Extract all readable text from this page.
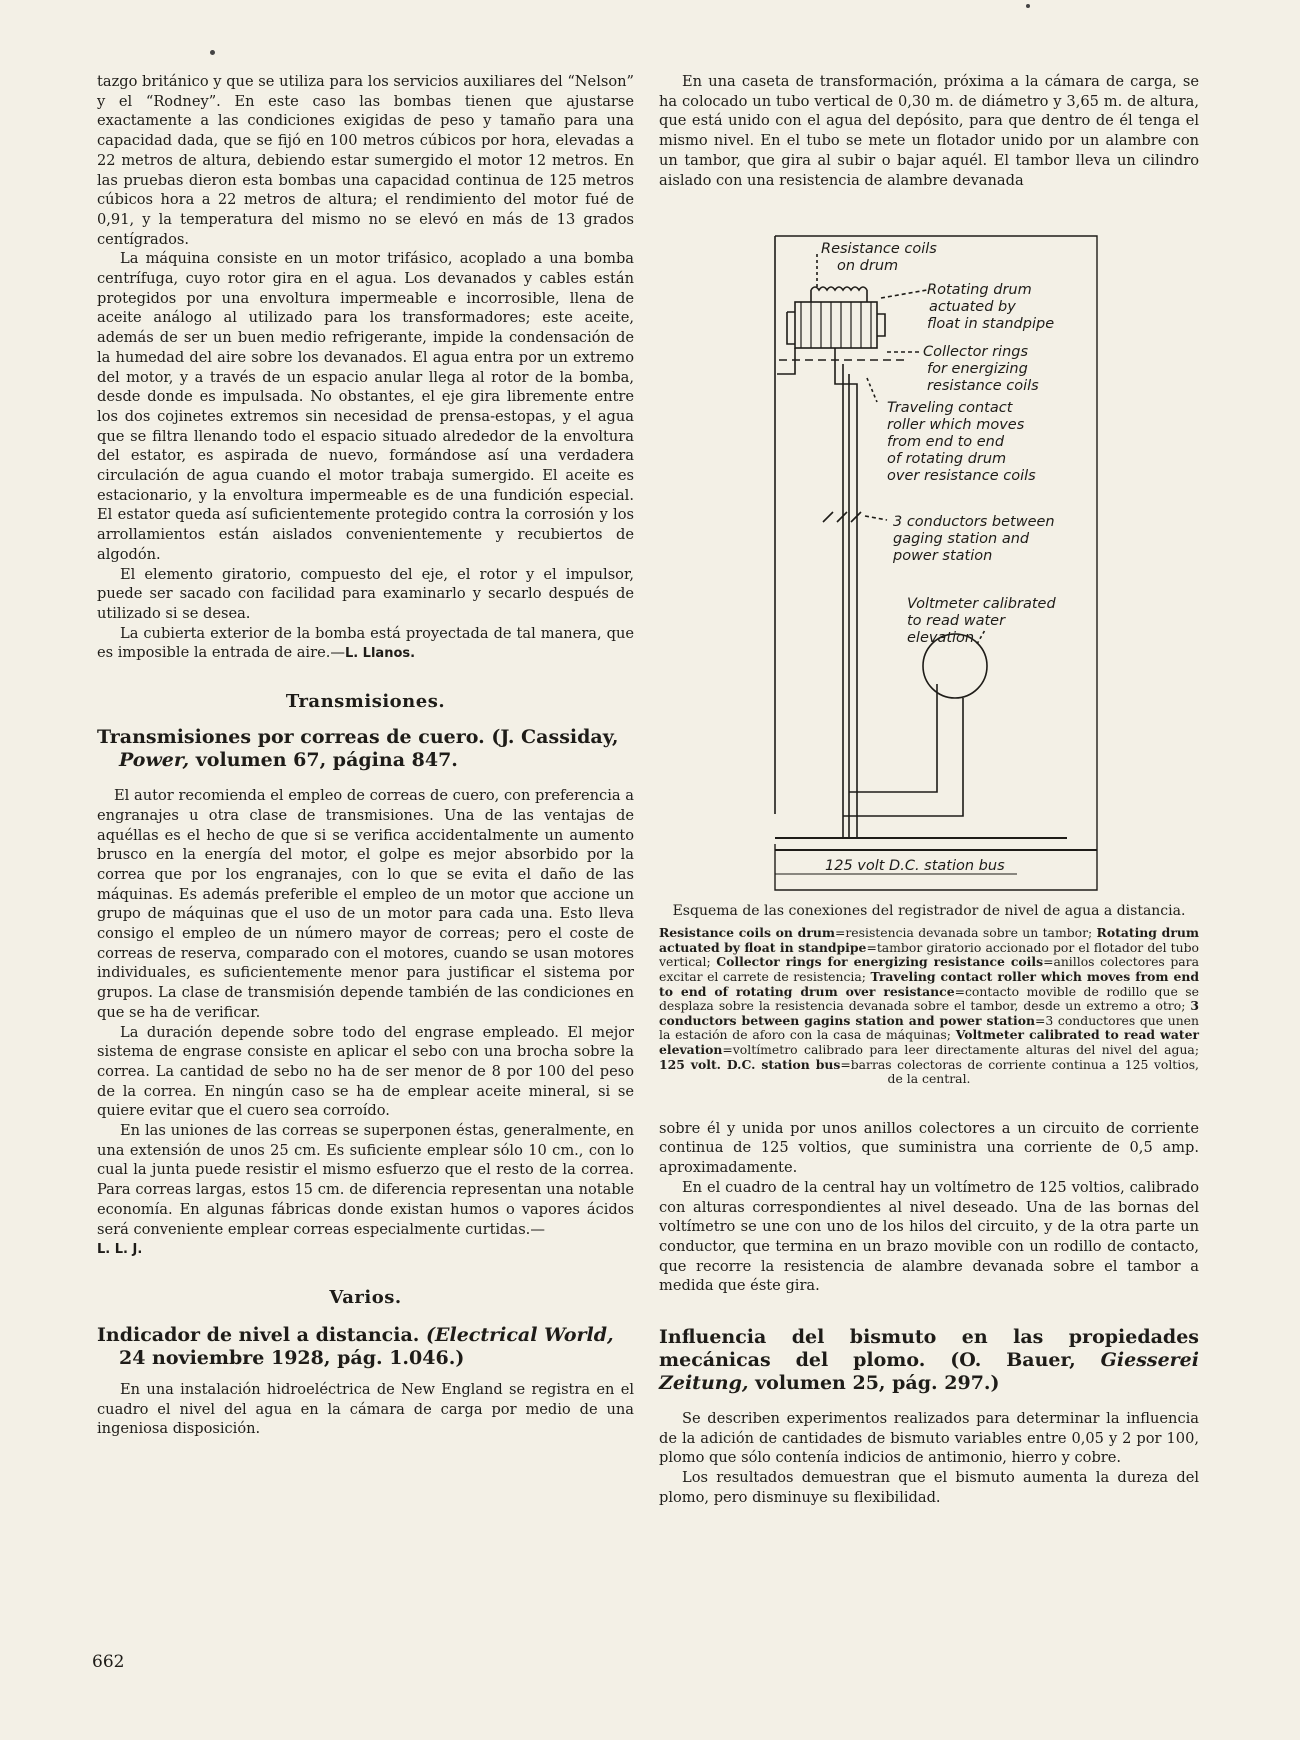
tazgo británico y que se utiliza para los servicios auxiliares del “Nelson” y el “Rodney”. En este caso las bombas tienen que ajustarse exactamente a las condiciones exigidas de peso y tamaño para una capacidad dada, que se fijó en 100 metros cúbicos por hora, elevadas a 22 metros de altura, debiendo estar sumergido el motor 12 metros. En las pruebas dieron esta bombas una capacidad continua de 125 metros cúbicos hora a 22 metros de altura; el rendimiento del motor fué de 0,91, y la temperatura del mismo no se elevó en más de 13 grados centígrados.

La máquina consiste en un motor trifásico, acoplado a una bomba centrífuga, cuyo rotor gira en el agua. Los devanados y cables están protegidos por una envoltura impermeable e incorrosible, llena de aceite análogo al utilizado para los transformadores; este aceite, además de ser un buen medio refrigerante, impide la condensación de la humedad del aire sobre los devanados. El agua entra por un extremo del motor, y a través de un espacio anular llega al rotor de la bomba, desde donde es impulsada. No obstantes, el eje gira libremente entre los dos cojinetes extremos sin necesidad de prensa-estopas, y el agua que se filtra llenando todo el espacio situado alrededor de la envoltura del estator, es aspirada de nuevo, formándose así una verdadera circulación de agua cuando el motor trabaja sumergido. El aceite es estacionario, y la envoltura impermeable es de una fundición especial. El estator queda así suficientemente protegido contra la corrosión y los arrollamientos están aislados convenientemente y recubiertos de algodón.

El elemento giratorio, compuesto del eje, el rotor y el impulsor, puede ser sacado con facilidad para examinarlo y secarlo después de utilizado si se desea.

La cubierta exterior de la bomba está proyectada de tal manera, que es imposible la entrada de aire.—L. Llanos.

Transmisiones.
Transmisiones por correas de cuero. (J. Cassiday,
Power, volumen 67, página 847.

El autor recomienda el empleo de correas de cuero, con preferencia a engranajes u otra clase de transmisiones. Una de las ventajas de aquéllas es el hecho de que si se verifica accidentalmente un aumento brusco en la energía del motor, el golpe es mejor absorbido por la correa que por los engranajes, con lo que se evita el daño de las máquinas. Es además preferible el empleo de un motor que accione un grupo de máquinas que el uso de un motor para cada una. Esto lleva consigo el empleo de un número mayor de correas; pero el coste de correas de reserva, comparado con el motores, cuando se usan motores individuales, es suficientemente menor para justificar el sistema por grupos. La clase de transmisión depende también de las condiciones en que se ha de verificar.

La duración depende sobre todo del engrase empleado. El mejor sistema de engrase consiste en aplicar el sebo con una brocha sobre la correa. La cantidad de sebo no ha de ser menor de 8 por 100 del peso de la correa. En ningún caso se ha de emplear aceite mineral, si se quiere evitar que el cuero sea corroído.

En las uniones de las correas se superponen éstas, generalmente, en una extensión de unos 25 cm. Es suficiente emplear sólo 10 cm., con lo cual la junta puede resistir el mismo esfuerzo que el resto de la correa. Para correas largas, estos 15 cm. de diferencia representan una notable economía. En algunas fábricas donde existan humos o vapores ácidos será conveniente emplear correas especialmente curtidas.—

L. L. J.

Varios.
Indicador de nivel a distancia. (Electrical World,
24 noviembre 1928, pág. 1.046.)

En una instalación hidroeléctrica de New England se registra en el cuadro el nivel del agua en la cámara de carga por medio de una ingeniosa disposición.

En una caseta de transformación, próxima a la cámara de carga, se ha colocado un tubo vertical de 0,30 m. de diámetro y 3,65 m. de altura, que está unido con el agua del depósito, para que dentro de él tenga el mismo nivel. En el tubo se mete un flotador unido por un alambre con un tambor, que gira al subir o bajar aquél. El tambor lleva un cilindro aislado con una resistencia de alambre devanada

Resistance coils
on drum
Rotating drum
actuated by
float in standpipe
Collector rings
for energizing
resistance coils
Traveling contact
roller which moves
from end to end
of rotating drum
over resistance coils
3 conductors between
gaging station and
power station
Voltmeter calibrated
to read water
elevation
125 volt D.C. station bus

Esquema de las conexiones del registrador de nivel de agua a distancia.

Resistance coils on drum=resistencia devanada sobre un tambor; Rotating drum actuated by float in standpipe=tambor giratorio accionado por el flotador del tubo vertical; Collector rings for energizing resistance coils=anillos colectores para excitar el carrete de resistencia; Traveling contact roller which moves from end to end of rotating drum over resistance=contacto movible de rodillo que se desplaza sobre la resistencia devanada sobre el tambor, desde un extremo a otro; 3 conductors between gagins station and power station=3 conductores que unen la estación de aforo con la casa de máquinas; Voltmeter calibrated to read water elevation=voltímetro calibrado para leer directamente alturas del nivel del agua; 125 volt. D.C. station bus=barras colectoras de corriente continua a 125 voltios, de la central.

sobre él y unida por unos anillos colectores a un circuito de corriente continua de 125 voltios, que suministra una corriente de 0,5 amp. aproximadamente.

En el cuadro de la central hay un voltímetro de 125 voltios, calibrado con alturas correspondientes al nivel deseado. Una de las bornas del voltímetro se une con uno de los hilos del circuito, y de la otra parte un conductor, que termina en un brazo movible con un rodillo de contacto, que recorre la resistencia de alambre devanada sobre el tambor a medida que éste gira.

Influencia del bismuto en las propiedades mecánicas del plomo. (O. Bauer, Giesserei Zeitung, volumen 25, pág. 297.)

Se describen experimentos realizados para determinar la influencia de la adición de cantidades de bismuto variables entre 0,05 y 2 por 100, plomo que sólo contenía indicios de antimonio, hierro y cobre.

Los resultados demuestran que el bismuto aumenta la dureza del plomo, pero disminuye su flexibilidad.

662
